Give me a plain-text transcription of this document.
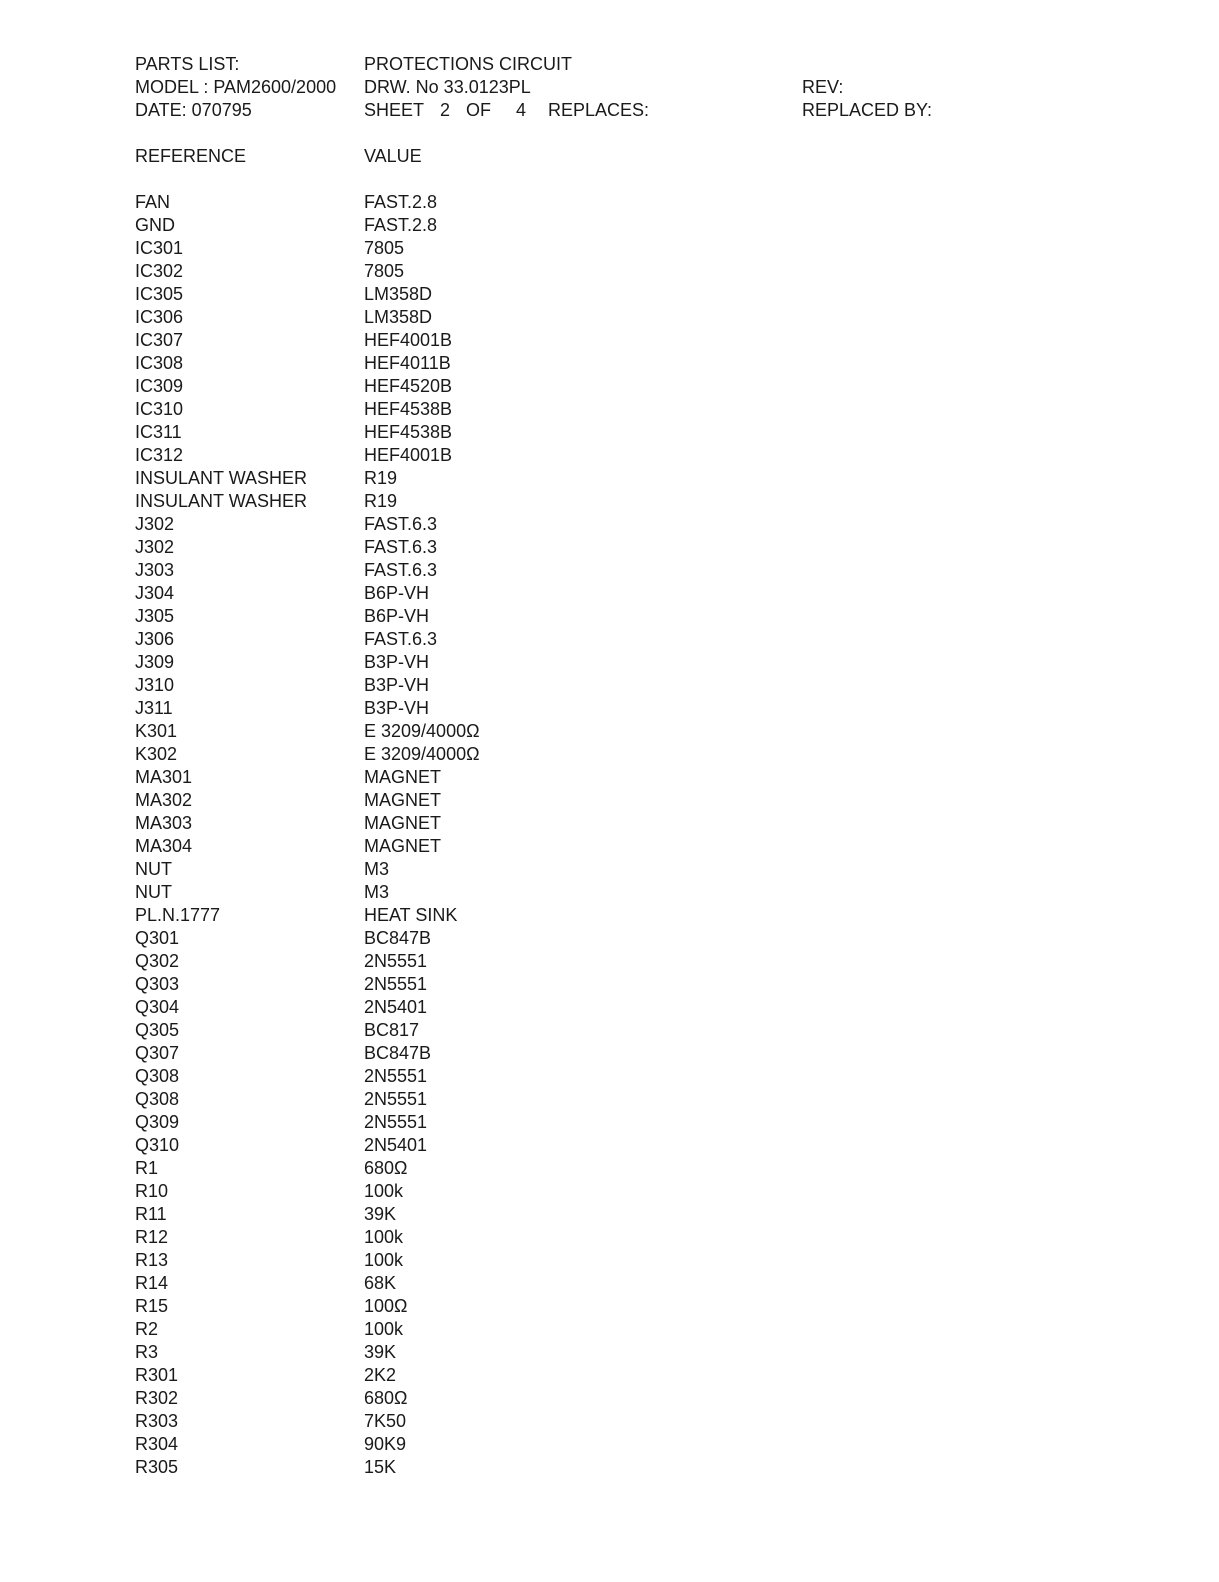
PARTS LIST:	PROTECTIONS CIRCUIT
MODEL : PAM2600/2000 DRW. No 33.0123PL	REV:
DATE: 070795	SHEET 2 OF 4 REPLACES:	REPLACED BY:
REFERENCE	VALUE
FAN	FAST.2.8
GND	FAST.2.8
IC301	7805
IC302	7805
IC305	LM358D
IC306	LM358D
IC307	HEF4001B
IC308	HEF4011B
IC309	HEF4520B
IC310	HEF4538B
IC311	HEF4538B
IC312	HEF4001B
INSULANT WASHER	R19
INSULANT WASHER	R19
J302	FAST.6.3
J302	FAST.6.3
J303	FAST.6.3
J304	B6P-VH
J305	B6P-VH
J306	FAST.6.3
J309	B3P-VH
J310	B3P-VH
J311	B3P-VH
K301	E 3209/4000Ω
K302	E 3209/4000Ω
MA301	MAGNET
MA302	MAGNET
MA303	MAGNET
MA304	MAGNET
NUT	M3
NUT	M3
PL.N.1777	HEAT SINK
Q301	BC847B
Q302	2N5551
Q303	2N5551
Q304	2N5401
Q305	BC817
Q307	BC847B
Q308	2N5551
Q308	2N5551
Q309	2N5551
Q310	2N5401
R1	680Ω
R10	100k
R11	39K
R12	100k
R13	100k
R14	68K
R15	100Ω
R2	100k
R3	39K
R301	2K2
R302	680Ω
R303	7K50
R304	90K9
R305	15K
